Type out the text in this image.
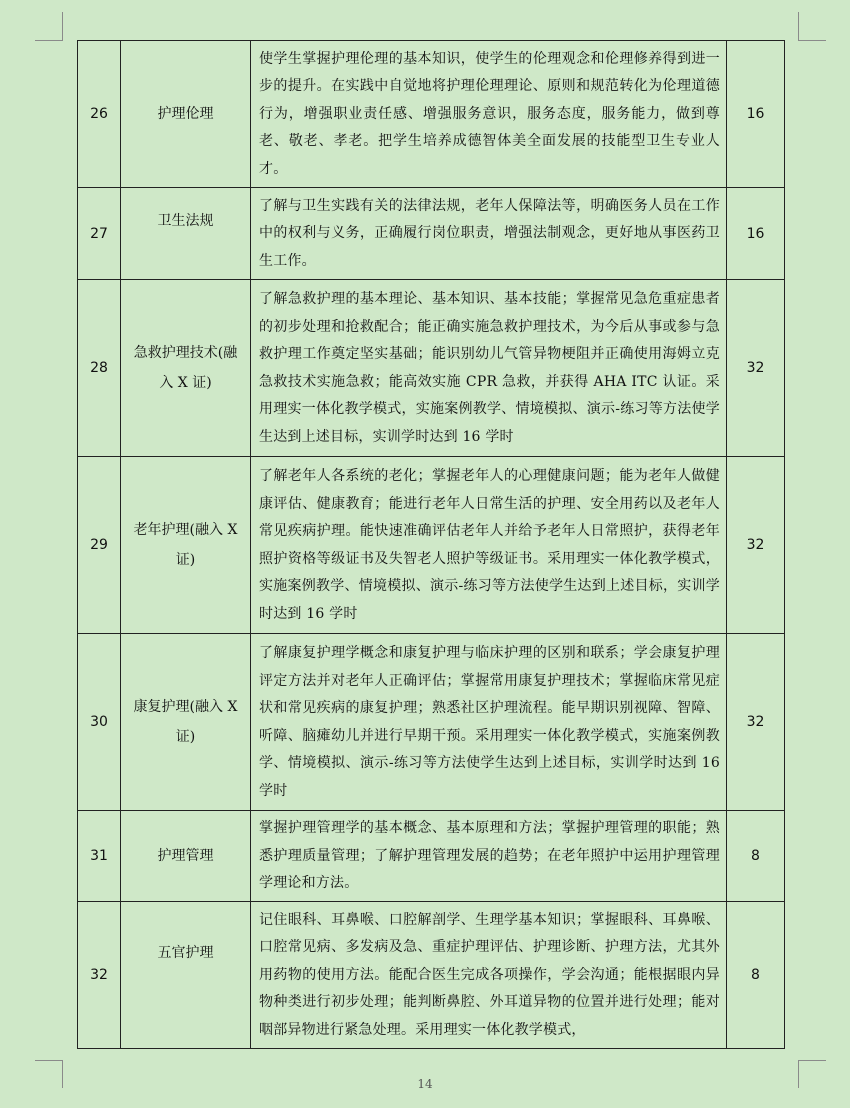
26	护理伦理	使学生掌握护理伦理的基本知识，使学生的伦理观念和伦理修养得到进一步的提升。在实践中自觉地将护理伦理理论、原则和规范转化为伦理道德行为，增强职业责任感、增强服务意识，服务态度，服务能力，做到尊老、敬老、孝老。把学生培养成德智体美全面发展的技能型卫生专业人才。	16
27	卫生法规	了解与卫生实践有关的法律法规，老年人保障法等，明确医务人员在工作中的权利与义务，正确履行岗位职责，增强法制观念，更好地从事医药卫生工作。	16
28	急救护理技术(融入 X 证)	了解急救护理的基本理论、基本知识、基本技能；掌握常见急危重症患者的初步处理和抢救配合；能正确实施急救护理技术，为今后从事或参与急救护理工作奠定坚实基础；能识别幼儿气管异物梗阻并正确使用海姆立克急救技术实施急救；能高效实施 CPR 急救，并获得 AHA ITC 认证。采用理实一体化教学模式，实施案例教学、情境模拟、演示-练习等方法使学生达到上述目标，实训学时达到 16 学时	32
29	老年护理(融入 X 证)	了解老年人各系统的老化；掌握老年人的心理健康问题；能为老年人做健康评估、健康教育；能进行老年人日常生活的护理、安全用药以及老年人常见疾病护理。能快速准确评估老年人并给予老年人日常照护，获得老年照护资格等级证书及失智老人照护等级证书。采用理实一体化教学模式，实施案例教学、情境模拟、演示-练习等方法使学生达到上述目标，实训学时达到 16 学时	32
30	康复护理(融入 X 证)	了解康复护理学概念和康复护理与临床护理的区别和联系；学会康复护理评定方法并对老年人正确评估；掌握常用康复护理技术；掌握临床常见症状和常见疾病的康复护理；熟悉社区护理流程。能早期识别视障、智障、听障、脑瘫幼儿并进行早期干预。采用理实一体化教学模式，实施案例教学、情境模拟、演示-练习等方法使学生达到上述目标，实训学时达到 16 学时	32
31	护理管理	掌握护理管理学的基本概念、基本原理和方法；掌握护理管理的职能；熟悉护理质量管理；了解护理管理发展的趋势；在老年照护中运用护理管理学理论和方法。	8
32	五官护理	记住眼科、耳鼻喉、口腔解剖学、生理学基本知识；掌握眼科、耳鼻喉、口腔常见病、多发病及急、重症护理评估、护理诊断、护理方法，尤其外用药物的使用方法。能配合医生完成各项操作，学会沟通；能根据眼内异物种类进行初步处理；能判断鼻腔、外耳道异物的位置并进行处理；能对咽部异物进行紧急处理。采用理实一体化教学模式，	8
14
